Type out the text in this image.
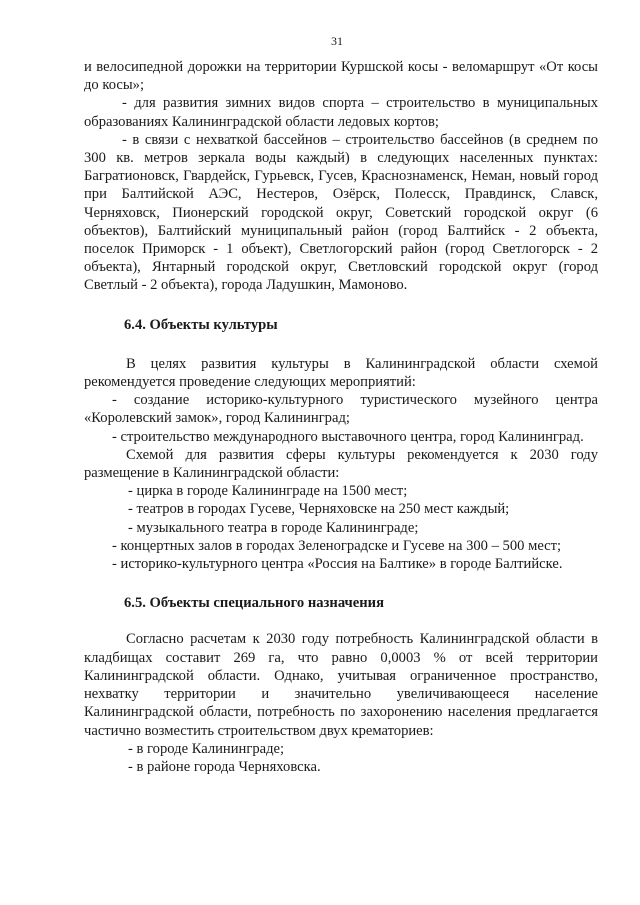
31

и велосипедной дорожки на территории Куршской косы - веломаршрут «От косы до косы»;

- для развития зимних видов спорта – строительство в муниципальных образованиях Калининградской области ледовых кортов;

- в связи с нехваткой бассейнов – строительство бассейнов (в среднем по 300 кв. метров зеркала воды каждый) в следующих населенных пунктах: Багратионовск, Гвардейск, Гурьевск, Гусев, Краснознаменск, Неман, новый город при Балтийской АЭС, Нестеров, Озёрск, Полесск, Правдинск, Славск, Черняховск, Пионерский городской округ, Советский городской округ (6 объектов), Балтийский муниципальный район (город Балтийск - 2 объекта, поселок Приморск - 1 объект), Светлогорский район (город Светлогорск - 2 объекта), Янтарный городской округ, Светловский городской округ (город Светлый - 2 объекта), города Ладушкин, Мамоново.

6.4. Объекты культуры

В целях развития культуры в Калининградской области схемой рекомендуется проведение следующих мероприятий:

- создание историко-культурного туристического музейного центра «Королевский замок», город Калининград;

- строительство международного выставочного центра, город Калининград.

Схемой для развития сферы культуры рекомендуется к 2030 году размещение в Калининградской области:

- цирка в городе Калининграде на 1500 мест;

- театров в городах Гусеве, Черняховске на 250 мест каждый;

- музыкального театра в городе Калининграде;

- концертных залов в городах Зеленоградске и Гусеве на 300 – 500 мест;

- историко-культурного центра «Россия на Балтике» в городе Балтийске.

6.5. Объекты специального назначения

Согласно расчетам к 2030 году потребность Калининградской области в кладбищах составит 269 га, что равно 0,0003 % от всей территории Калининградской области. Однако, учитывая ограниченное пространство, нехватку территории и значительно увеличивающееся население Калининградской области, потребность по захоронению населения предлагается частично возместить строительством двух крематориев:

- в городе Калининграде;

- в районе города Черняховска.
